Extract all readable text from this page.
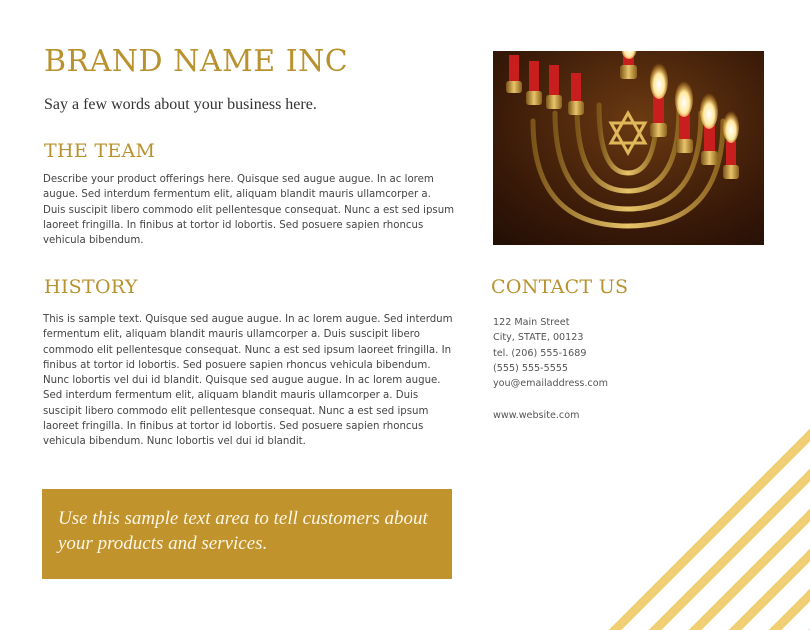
BRAND NAME INC

Say a few words about your business here.

THE TEAM

Describe your product offerings here. Quisque sed augue augue. In ac lorem augue. Sed interdum fermentum elit, aliquam blandit mauris ullamcorper a. Duis suscipit libero commodo elit pellentesque consequat. Nunc a est sed ipsum laoreet fringilla. In finibus at tortor id lobortis. Sed posuere sapien rhoncus vehicula bibendum.

HISTORY

This is sample text. Quisque sed augue augue. In ac lorem augue. Sed interdum fermentum elit, aliquam blandit mauris ullamcorper a. Duis suscipit libero commodo elit pellentesque consequat. Nunc a est sed ipsum laoreet fringilla. In finibus at tortor id lobortis. Sed posuere sapien rhoncus vehicula bibendum. Nunc lobortis vel dui id blandit. Quisque sed augue augue. In ac lorem augue. Sed interdum fermentum elit, aliquam blandit mauris ullamcorper a. Duis suscipit libero commodo elit pellentesque consequat. Nunc a est sed ipsum laoreet fringilla. In finibus at tortor id lobortis. Sed posuere sapien rhoncus vehicula bibendum. Nunc lobortis vel dui id blandit.

CONTACT US
122 Main Street
City, STATE, 00123
tel. (206) 555-1689
(555) 555-5555
you@emailaddress.com
www.website.com

Use this sample text area to tell customers about your products and services.
